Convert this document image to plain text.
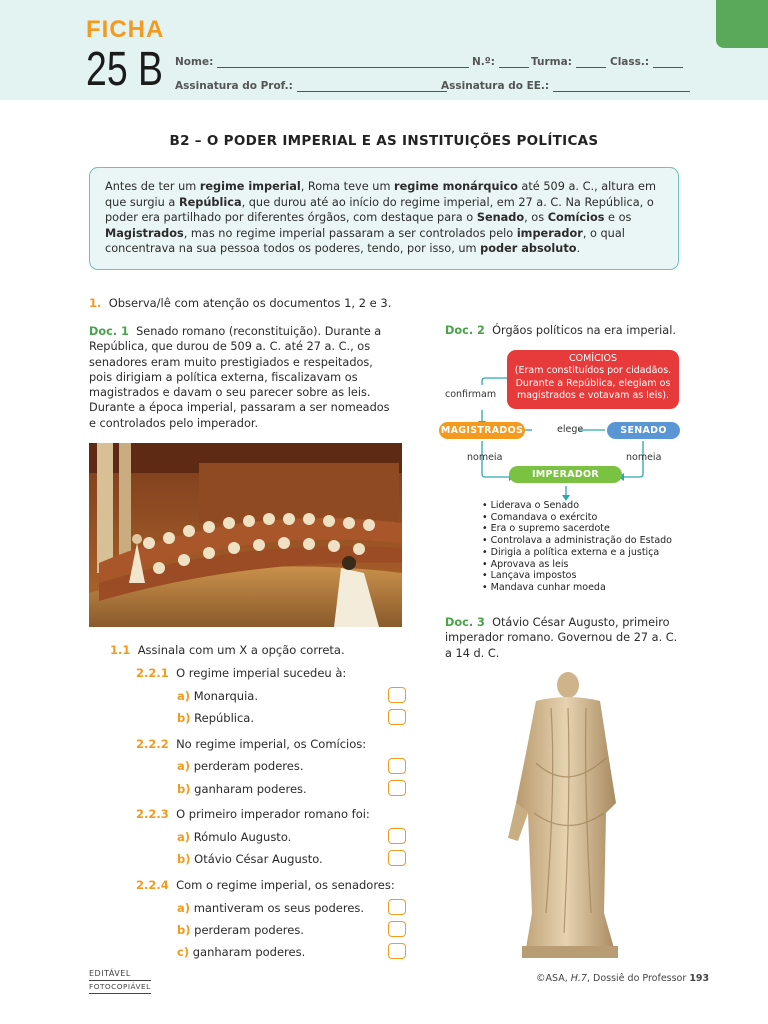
FICHA
25 B Nome:	N.º:	Turma:	Class.:
Assinatura do Prof.:	Assinatura do EE.:
B2 – O PODER IMPERIAL E AS INSTITUIÇÕES POLÍTICAS
Antes de ter um regime imperial, Roma teve um regime monárquico até 509 a. C., altura em que surgiu a República, que durou até ao início do regime imperial, em 27 a. C. Na República, o poder era partilhado por diferentes órgãos, com destaque para o Senado, os Comícios e os Magistrados, mas no regime imperial passaram a ser controlados pelo imperador, o qual concentrava na sua pessoa todos os poderes, tendo, por isso, um poder absoluto.
1. Observa/lê com atenção os documentos 1, 2 e 3.
Doc. 1 Senado romano (reconstituição). Durante a República, que durou de 509 a. C. até 27 a. C., os senadores eram muito prestigiados e respeitados, pois dirigiam a política externa, fiscalizavam os magistrados e davam o seu parecer sobre as leis. Durante a época imperial, passaram a ser nomeados e controlados pelo imperador.
Doc. 2 Órgãos políticos na era imperial.
COMÍCIOS
(Eram constituídos por cidadãos.
Durante a República, elegiam os
magistrados e votavam as leis).
confirmam
MAGISTRADOS	elege	SENADO
nomeia	nomeia
IMPERADOR
• Liderava o Senado
• Comandava o exército
• Era o supremo sacerdote
• Controlava a administração do Estado
• Dirigia a política externa e a justiça
• Aprovava as leis
• Lançava impostos
• Mandava cunhar moeda
Doc. 3 Otávio César Augusto, primeiro imperador romano. Governou de 27 a. C. a 14 d. C.
1.1 Assinala com um X a opção correta.
2.2.1 O regime imperial sucedeu à:
a) Monarquia.
b) República.
2.2.2 No regime imperial, os Comícios:
a) perderam poderes.
b) ganharam poderes.
2.2.3 O primeiro imperador romano foi:
a) Rómulo Augusto.
b) Otávio César Augusto.
2.2.4 Com o regime imperial, os senadores:
a) mantiveram os seus poderes.
b) perderam poderes.
c) ganharam poderes.
EDITÁVEL
FOTOCOPIÁVEL
©ASA, H.7, Dossiê do Professor 193
